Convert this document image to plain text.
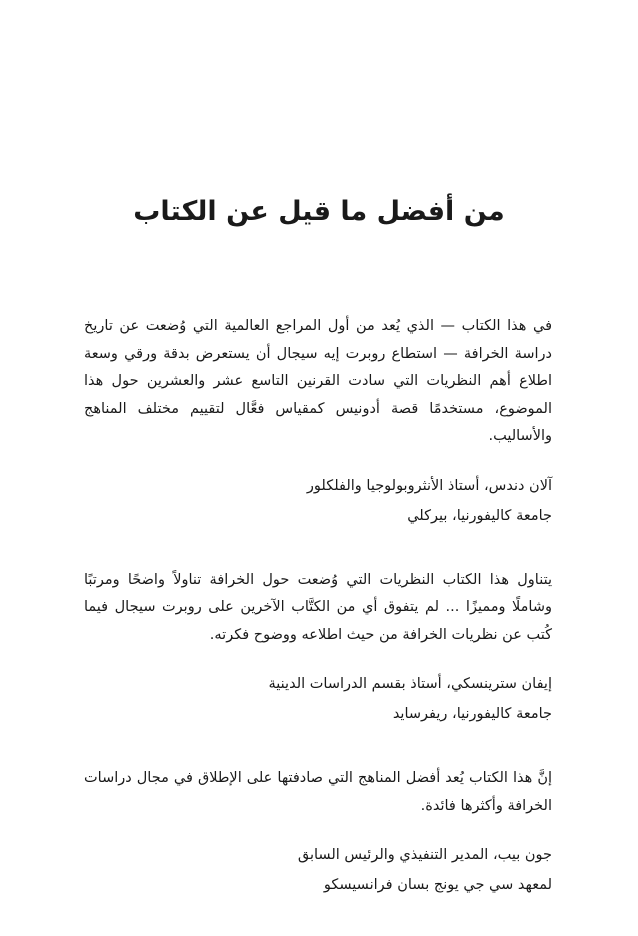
من أفضل ما قيل عن الكتاب

في هذا الكتاب — الذي يُعد من أول المراجع العالمية التي وُضعت عن تاريخ دراسة الخرافة — استطاع روبرت إيه سيجال أن يستعرض بدقة ورقي وسعة اطلاع أهم النظريات التي سادت القرنين التاسع عشر والعشرين حول هذا الموضوع، مستخدمًا قصة أدونيس كمقياس فعَّال لتقييم مختلف المناهج والأساليب.

آلان دندس، أستاذ الأنثروبولوجيا والفلكلور

جامعة كاليفورنيا، بيركلي

يتناول هذا الكتاب النظريات التي وُضعت حول الخرافة تناولاً واضحًا ومرتبًا وشاملًا ومميزًا ... لم يتفوق أي من الكتَّاب الآخرين على روبرت سيجال فيما كُتب عن نظريات الخرافة من حيث اطلاعه ووضوح فكرته.

إيفان سترينسكي، أستاذ بقسم الدراسات الدينية

جامعة كاليفورنيا، ريفرسايد

إنَّ هذا الكتاب يُعد أفضل المناهج التي صادفتها على الإطلاق في مجال دراسات الخرافة وأكثرها فائدة.

جون بيب، المدير التنفيذي والرئيس السابق

لمعهد سي جي يونج بسان فرانسيسكو
